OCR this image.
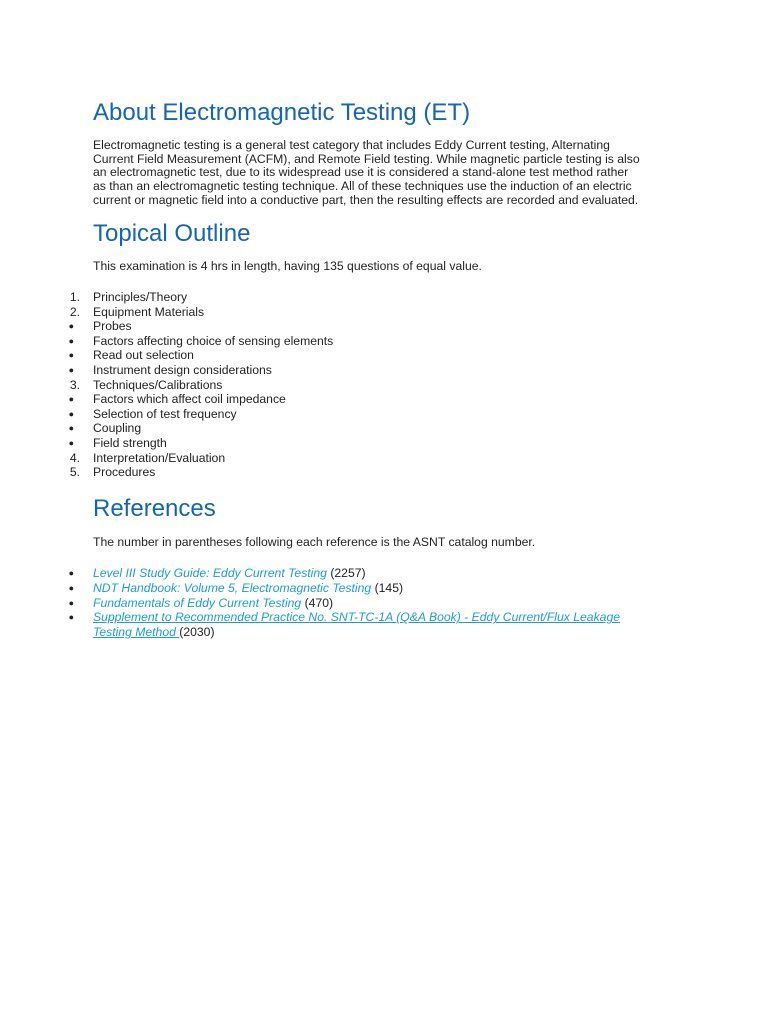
About Electromagnetic Testing (ET)

Electromagnetic testing is a general test category that includes Eddy Current testing, Alternating
Current Field Measurement (ACFM), and Remote Field testing. While magnetic particle testing is also
an electromagnetic test, due to its widespread use it is considered a stand-alone test method rather
as than an electromagnetic testing technique. All of these techniques use the induction of an electric
current or magnetic field into a conductive part, then the resulting effects are recorded and evaluated.

Topical Outline

This examination is 4 hrs in length, having 135 questions of equal value.

1. Principles/Theory
2. Equipment Materials
● Probes
● Factors affecting choice of sensing elements
● Read out selection
● Instrument design considerations
3. Techniques/Calibrations
● Factors which affect coil impedance
● Selection of test frequency
● Coupling
● Field strength
4. Interpretation/Evaluation
5. Procedures
References

The number in parentheses following each reference is the ASNT catalog number.

● Level III Study Guide: Eddy Current Testing (2257)
● NDT Handbook: Volume 5, Electromagnetic Testing (145)
● Fundamentals of Eddy Current Testing (470)
● Supplement to Recommended Practice No. SNT-TC-1A (Q&A Book) - Eddy Current/Flux Leakage
Testing Method (2030)
